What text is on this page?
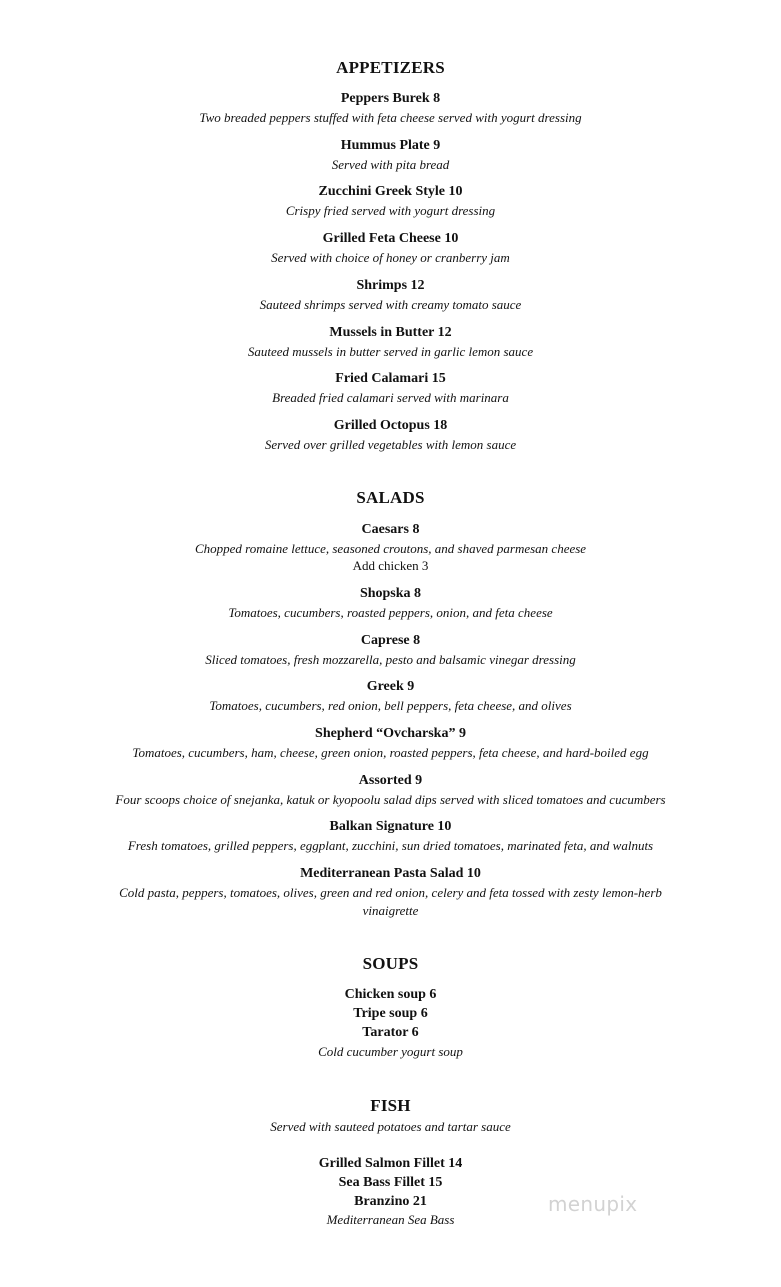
APPETIZERS
Peppers Burek 8
Two breaded peppers stuffed with feta cheese served with yogurt dressing
Hummus Plate 9
Served with pita bread
Zucchini Greek Style 10
Crispy fried served with yogurt dressing
Grilled Feta Cheese 10
Served with choice of honey or cranberry jam
Shrimps 12
Sauteed shrimps served with creamy tomato sauce
Mussels in Butter 12
Sauteed mussels in butter served in garlic lemon sauce
Fried Calamari 15
Breaded fried calamari served with marinara
Grilled Octopus 18
Served over grilled vegetables with lemon sauce
SALADS
Caesars 8
Chopped romaine lettuce, seasoned croutons, and shaved parmesan cheese
Add chicken 3
Shopska 8
Tomatoes, cucumbers, roasted peppers, onion, and feta cheese
Caprese 8
Sliced tomatoes, fresh mozzarella, pesto and balsamic vinegar dressing
Greek 9
Tomatoes, cucumbers, red onion, bell peppers, feta cheese, and olives
Shepherd “Ovcharska” 9
Tomatoes, cucumbers, ham, cheese, green onion, roasted peppers, feta cheese, and hard-boiled egg
Assorted 9
Four scoops choice of snejanka, katuk or kyopoolu salad dips served with sliced tomatoes and cucumbers
Balkan Signature 10
Fresh tomatoes, grilled peppers, eggplant, zucchini, sun dried tomatoes, marinated feta, and walnuts
Mediterranean Pasta Salad 10
Cold pasta, peppers, tomatoes, olives, green and red onion, celery and feta tossed with zesty lemon-herb
vinaigrette
SOUPS
Chicken soup 6
Tripe soup 6
Tarator 6
Cold cucumber yogurt soup
FISH
Served with sauteed potatoes and tartar sauce
Grilled Salmon Fillet 14
Sea Bass Fillet 15
Branzino 21
Mediterranean Sea Bass
menupix
